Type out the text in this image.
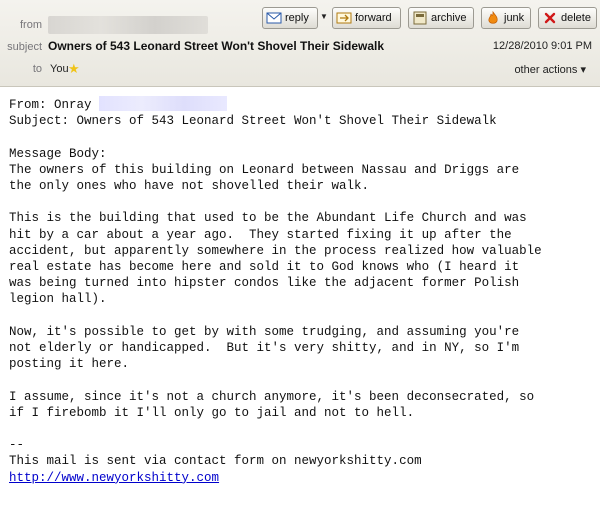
from
subject Owners of 543 Leonard Street Won't Shovel Their Sidewalk	12/28/2010 9:01 PM
to You ★	other actions ▾
reply ▼ forward	archive	junk	delete
From: Onray
Subject: Owners of 543 Leonard Street Won't Shovel Their Sidewalk

Message Body:
The owners of this building on Leonard between Nassau and Driggs are
the only ones who have not shovelled their walk.

This is the building that used to be the Abundant Life Church and was
hit by a car about a year ago.  They started fixing it up after the
accident, but apparently somewhere in the process realized how valuable
real estate has become here and sold it to God knows who (I heard it
was being turned into hipster condos like the adjacent former Polish
legion hall).

Now, it's possible to get by with some trudging, and assuming you're
not elderly or handicapped.  But it's very shitty, and in NY, so I'm
posting it here.

I assume, since it's not a church anymore, it's been deconsecrated, so
if I firebomb it I'll only go to jail and not to hell.

--
This mail is sent via contact form on newyorkshitty.com
http://www.newyorkshitty.com
